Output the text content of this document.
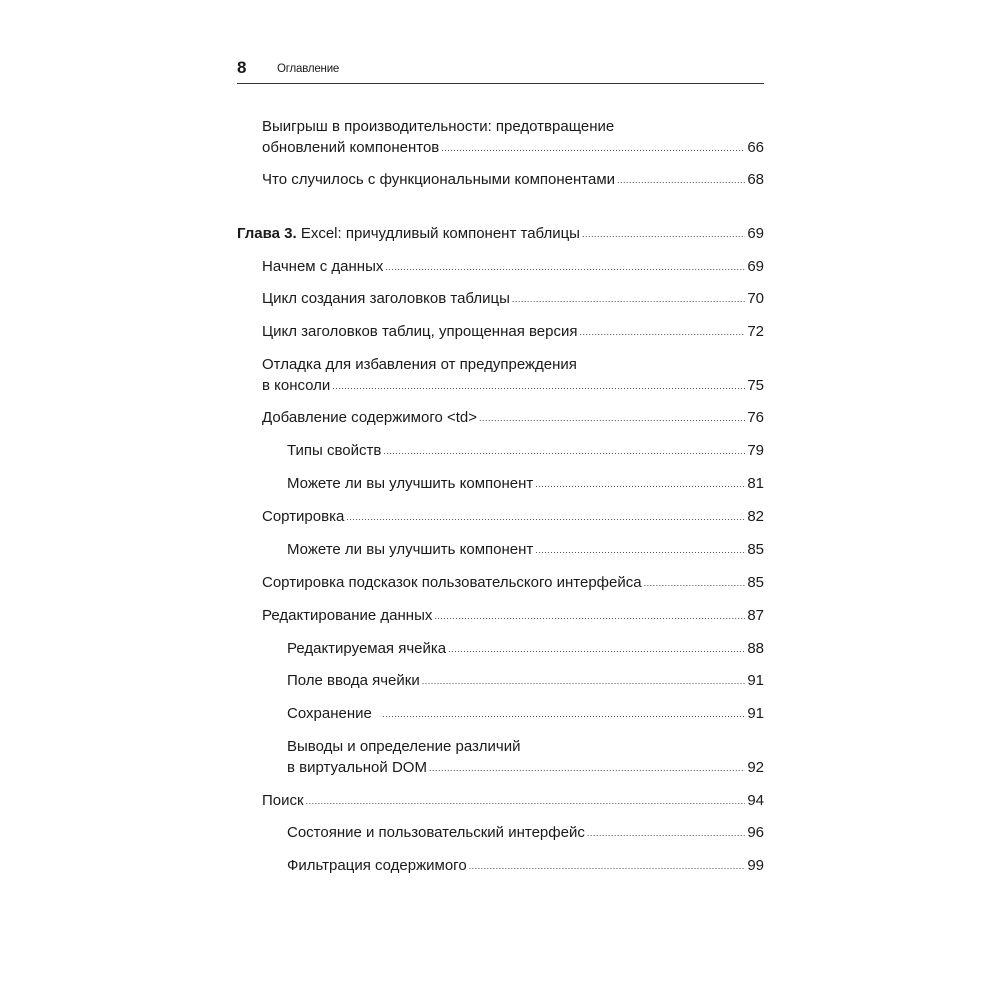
8	Оглавление
Выигрыш в производительности: предотвращение
обновлений компонентов .....	66
Что случилось с функциональными компонентами .....	68
Глава 3. Excel: причудливый компонент таблицы .....	69
Начнем с данных .....	69
Цикл создания заголовков таблицы .....	70
Цикл заголовков таблиц, упрощенная версия .....	72
Отладка для избавления от предупреждения
в консоли .....	75
Добавление содержимого <td> .....	76
Типы свойств .....	79
Можете ли вы улучшить компонент .....	81
Сортировка .....	82
Можете ли вы улучшить компонент .....	85
Сортировка подсказок пользовательского интерфейса .....	85
Редактирование данных .....	87
Редактируемая ячейка .....	88
Поле ввода ячейки .....	91
Сохранение .....	91
Выводы и определение различий
в виртуальной DOM .....	92
Поиск .....	94
Состояние и пользовательский интерфейс .....	96
Фильтрация содержимого .....	99
